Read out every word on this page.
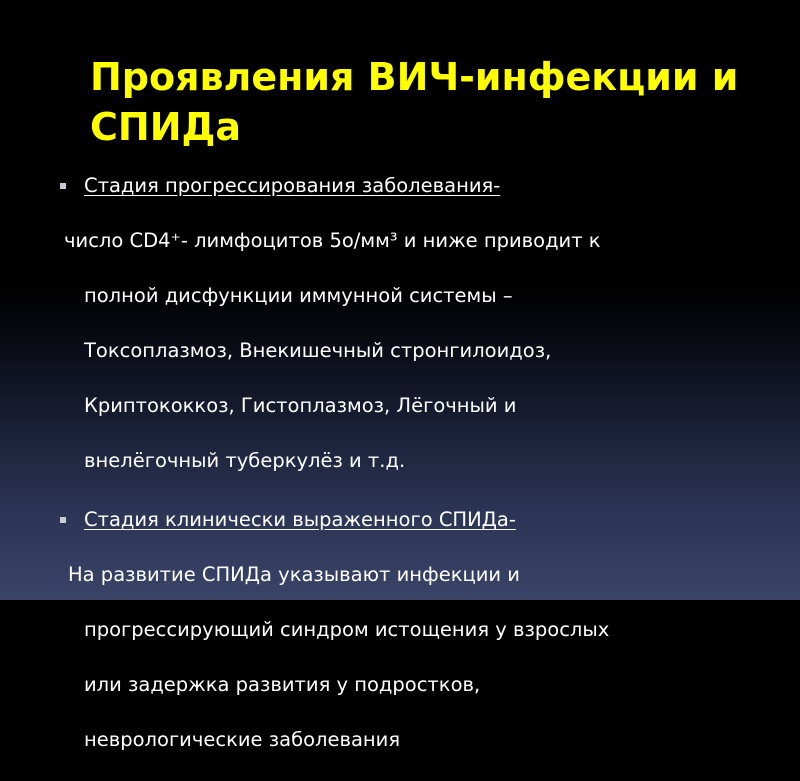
Проявления ВИЧ-инфекции и СПИДа
Стадия прогрессирования заболевания-

число CD4⁺- лимфоцитов 5о/мм³ и ниже приводит к

полной дисфункции иммунной системы –

Токсоплазмоз, Внекишечный стронгилоидоз,

Криптококкоз, Гистоплазмоз, Лёгочный и

внелёгочный туберкулёз и т.д.

Стадия клинически выраженного СПИДа-

На развитие СПИДа указывают инфекции и

прогрессирующий синдром истощения у взрослых

или задержка развития у подростков,

неврологические заболевания
